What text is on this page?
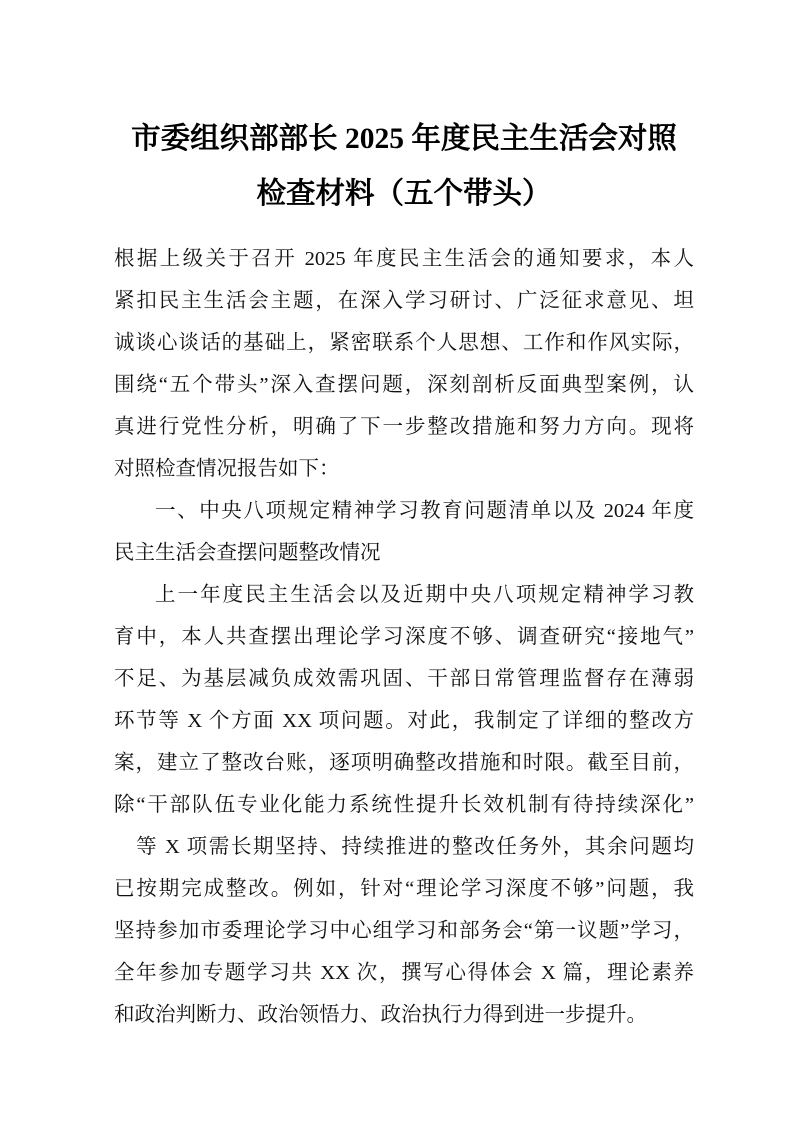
市委组织部部长 2025 年度民主生活会对照
检查材料（五个带头）
根据上级关于召开 2025 年度民主生活会的通知要求，本人
紧扣民主生活会主题，在深入学习研讨、广泛征求意见、坦
诚谈心谈话的基础上，紧密联系个人思想、工作和作风实际，
围绕“五个带头”深入查摆问题，深刻剖析反面典型案例，认
真进行党性分析，明确了下一步整改措施和努力方向。现将
对照检查情况报告如下：
一、中央八项规定精神学习教育问题清单以及 2024 年度
民主生活会查摆问题整改情况
上一年度民主生活会以及近期中央八项规定精神学习教
育中，本人共查摆出理论学习深度不够、调查研究“接地气”
不足、为基层减负成效需巩固、干部日常管理监督存在薄弱
环节等 X 个方面 XX 项问题。对此，我制定了详细的整改方
案，建立了整改台账，逐项明确整改措施和时限。截至目前，
除“干部队伍专业化能力系统性提升长效机制有待持续深化”
　等 X 项需长期坚持、持续推进的整改任务外，其余问题均
已按期完成整改。例如，针对“理论学习深度不够”问题，我
坚持参加市委理论学习中心组学习和部务会“第一议题”学习，
全年参加专题学习共 XX 次，撰写心得体会 X 篇，理论素养
和政治判断力、政治领悟力、政治执行力得到进一步提升。
